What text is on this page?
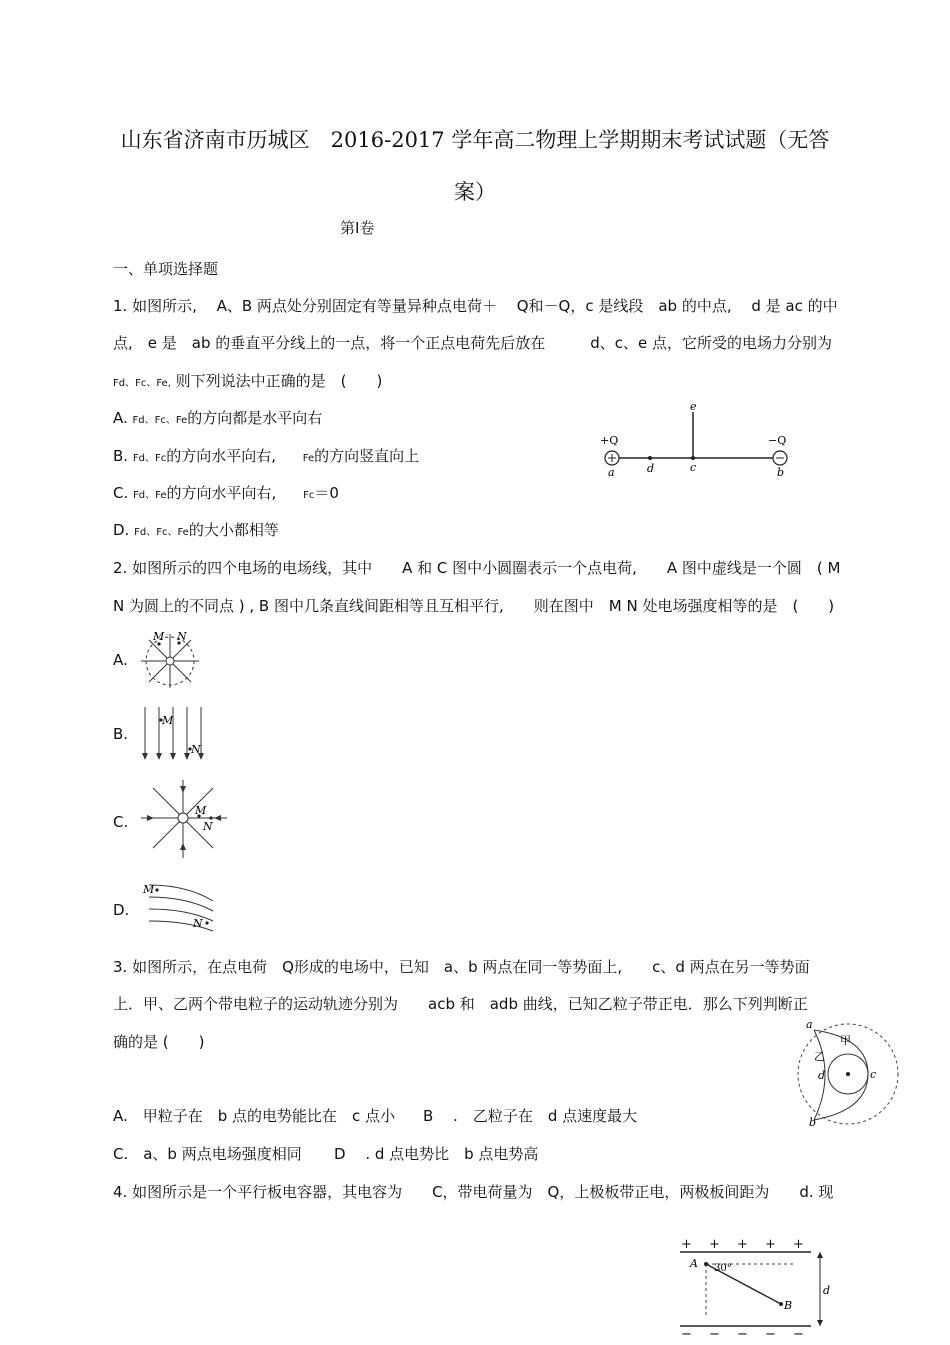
山东省济南市历城区　2016-2017 学年高二物理上学期期末考试试题（无答
案）
第Ⅰ卷
一、单项选择题
1. 如图所示,　 A、B 两点处分别固定有等量异种点电荷＋　 Q和－Q，c 是线段　ab 的中点,　 d 是 ac 的中
点,　e 是　ab 的垂直平分线上的一点，将一个正点电荷先后放在　　　d、c、e 点，它所受的电场力分别为
Fd、Fc、Fe, 则下列说法中正确的是　(　　)
A. Fd、Fc、Fe的方向都是水平向右
B. Fd、Fc的方向水平向右,	Fe的方向竖直向上
C. Fd、Fe的方向水平向右,	Fc＝0
D. Fd、Fc、Fe的大小都相等
+Q	−Q
a	d	c	b
e
2. 如图所示的四个电场的电场线，其中　　A 和 C 图中小圆圈表示一个点电荷,　　A 图中虚线是一个圆　( M
N 为圆上的不同点 ) , B 图中几条直线间距相等且互相平行,　　则在图中　M N 处电场强度相等的是　(　　)
A.
M N
B.
M
N
C.
M
N
D.
M
N
3. 如图所示，在点电荷　Q形成的电场中，已知　a、b 两点在同一等势面上,　　c、d 两点在另一等势面
上．甲、乙两个带电粒子的运动轨迹分别为　　acb 和　adb 曲线，已知乙粒子带正电．那么下列判断正
确的是 (　　)
A.　甲粒子在　b 点的电势能比在　c 点小 B　 .　乙粒子在　d 点速度最大
C.　a、b 两点电场强度相同 D　 . d 点电势比　b 点电势高
a
b
c
d
甲
乙
4. 如图所示是一个平行板电容器，其电容为　　C，带电荷量为　Q，上极板带正电，两极板间距为　　d. 现
+ + + + +
− − − − −
A
B
30°
d
